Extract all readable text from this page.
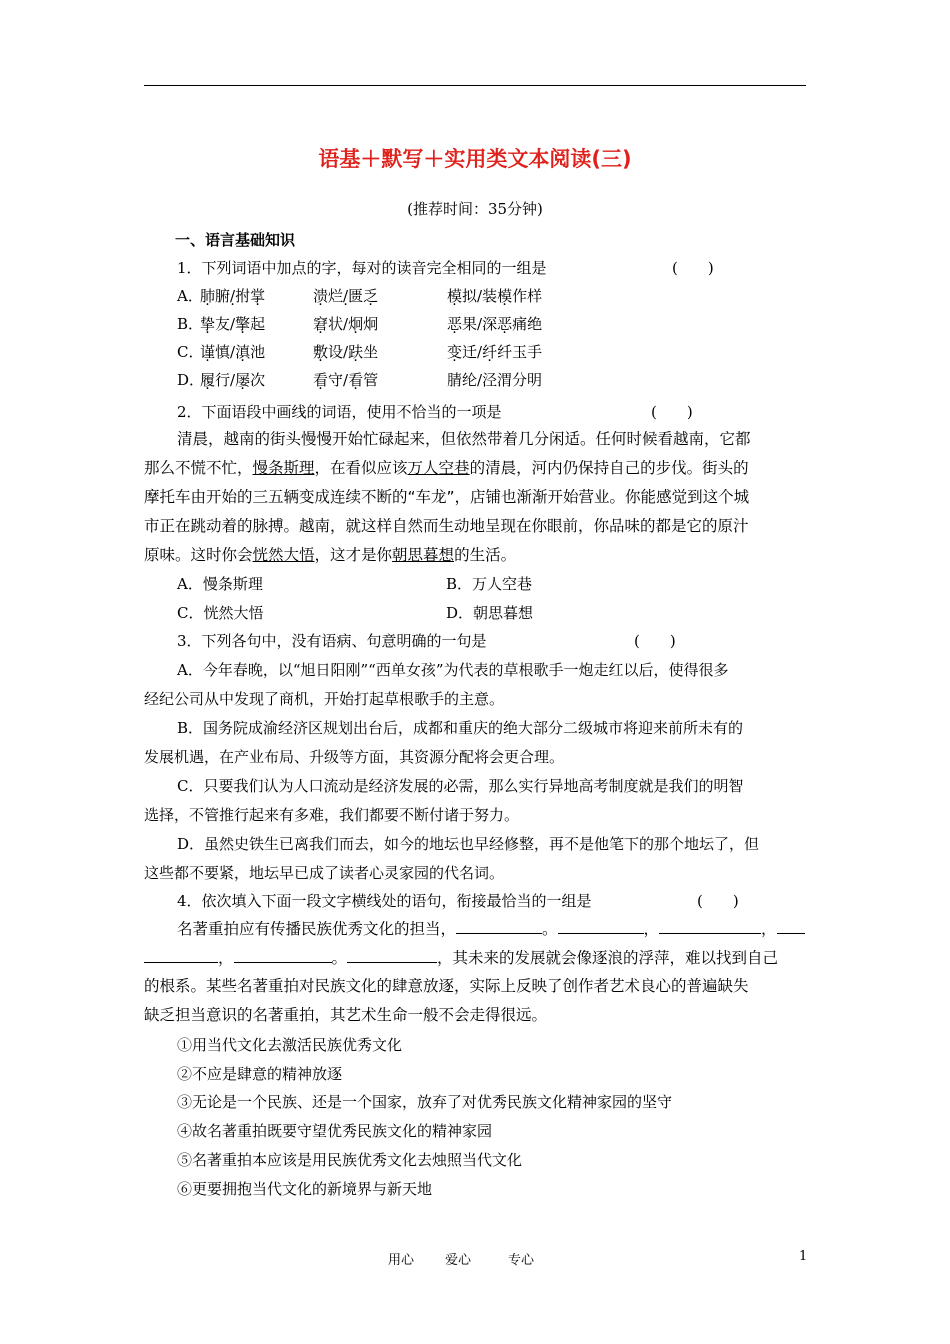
语基＋默写＋实用类文本阅读(三)
(推荐时间：35分钟)
一、语言基础知识
1．下列词语中加点的字，每对的读音完全相同的一组是	(　　)
A．
肺腑/ ·拊掌	溃烂/ ·匮乏	模拟/装模作样
B．
挚友/擎起	窘状/炯炯	恶果/深恶痛绝
C．
谨慎/滇池	敷设/趺坐	变迁/纤纤玉手
D．
履行/屡次	看守/看管	腈纶/泾渭分明
2．下面语段中画线的词语，使用不恰当的一项是	(　　)
清晨，越南的街头慢慢开始忙碌起来，但依然带着几分闲适。任何时候看越南，它都
那么不慌不忙，慢条斯理，在看似应该万人空巷的清晨，河内仍保持自己的步伐。街头的
摩托车由开始的三五辆变成连续不断的“车龙”，店铺也渐渐开始营业。你能感觉到这个城
市正在跳动着的脉搏。越南，就这样自然而生动地呈现在你眼前，你品味的都是它的原汁
原味。这时你会恍然大悟，这才是你朝思暮想的生活。
A．慢条斯理	B．万人空巷
C．恍然大悟	D．朝思暮想
3．下列各句中，没有语病、句意明确的一句是	(　　)
A．今年春晚，以“旭日阳刚”“西单女孩”为代表的草根歌手一炮走红以后，使得很多
经纪公司从中发现了商机，开始打起草根歌手的主意。
B．国务院成渝经济区规划出台后，成都和重庆的绝大部分二级城市将迎来前所未有的
发展机遇，在产业布局、升级等方面，其资源分配将会更合理。
C．只要我们认为人口流动是经济发展的必需，那么实行异地高考制度就是我们的明智
选择，不管推行起来有多难，我们都要不断付诸于努力。
D．虽然史铁生已离我们而去，如今的地坛也早经修整，再不是他笔下的那个地坛了，但
这些都不要紧，地坛早已成了读者心灵家园的代名词。
4．依次填入下面一段文字横线处的语句，衔接最恰当的一组是	(　　)
名著重拍应有传播民族优秀文化的担当，	。	，	，
，	。	，其未来的发展就会像逐浪的浮萍，难以找到自己
的根系。某些名著重拍对民族文化的肆意放逐，实际上反映了创作者艺术良心的普遍缺失
缺乏担当意识的名著重拍，其艺术生命一般不会走得很远。
①用当代文化去激活民族优秀文化
②不应是肆意的精神放逐
③无论是一个民族、还是一个国家，放弃了对优秀民族文化精神家园的坚守
④故名著重拍既要守望优秀民族文化的精神家园
⑤名著重拍本应该是用民族优秀文化去烛照当代文化
⑥更要拥抱当代文化的新境界与新天地
用心 爱心	专心	1
